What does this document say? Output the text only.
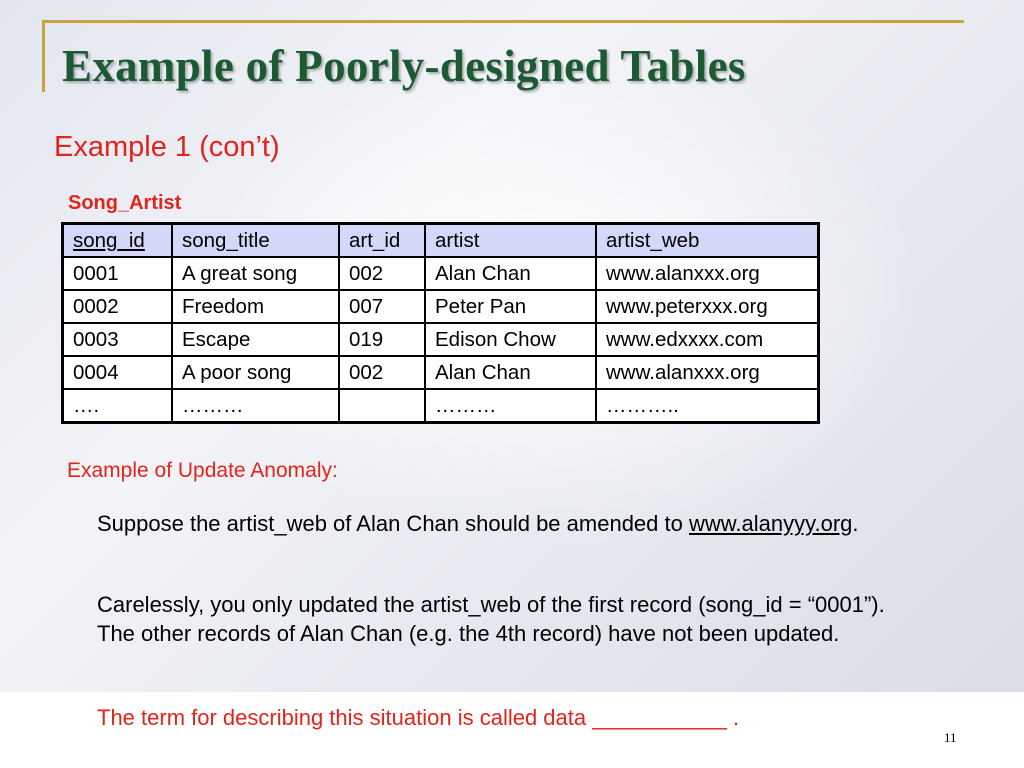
Example of Poorly-designed Tables
Example 1 (con’t)
Song_Artist
song_id	song_title	art_id	artist	artist_web
0001	A great song	002	Alan Chan	www.alanxxx.org
0002	Freedom	007	Peter Pan	www.peterxxx.org
0003	Escape	019	Edison Chow	www.edxxxx.com
0004	A poor song	002	Alan Chan	www.alanxxx.org
….	………		………	………..
Example of Update Anomaly:

Suppose the artist_web of Alan Chan should be amended to www.alanyyy.org.

Carelessly, you only updated the artist_web of the first record (song_id = “0001”). The other records of Alan Chan (e.g. the 4th record) have not been updated.

The term for describing this situation is called data ___________ .

11
